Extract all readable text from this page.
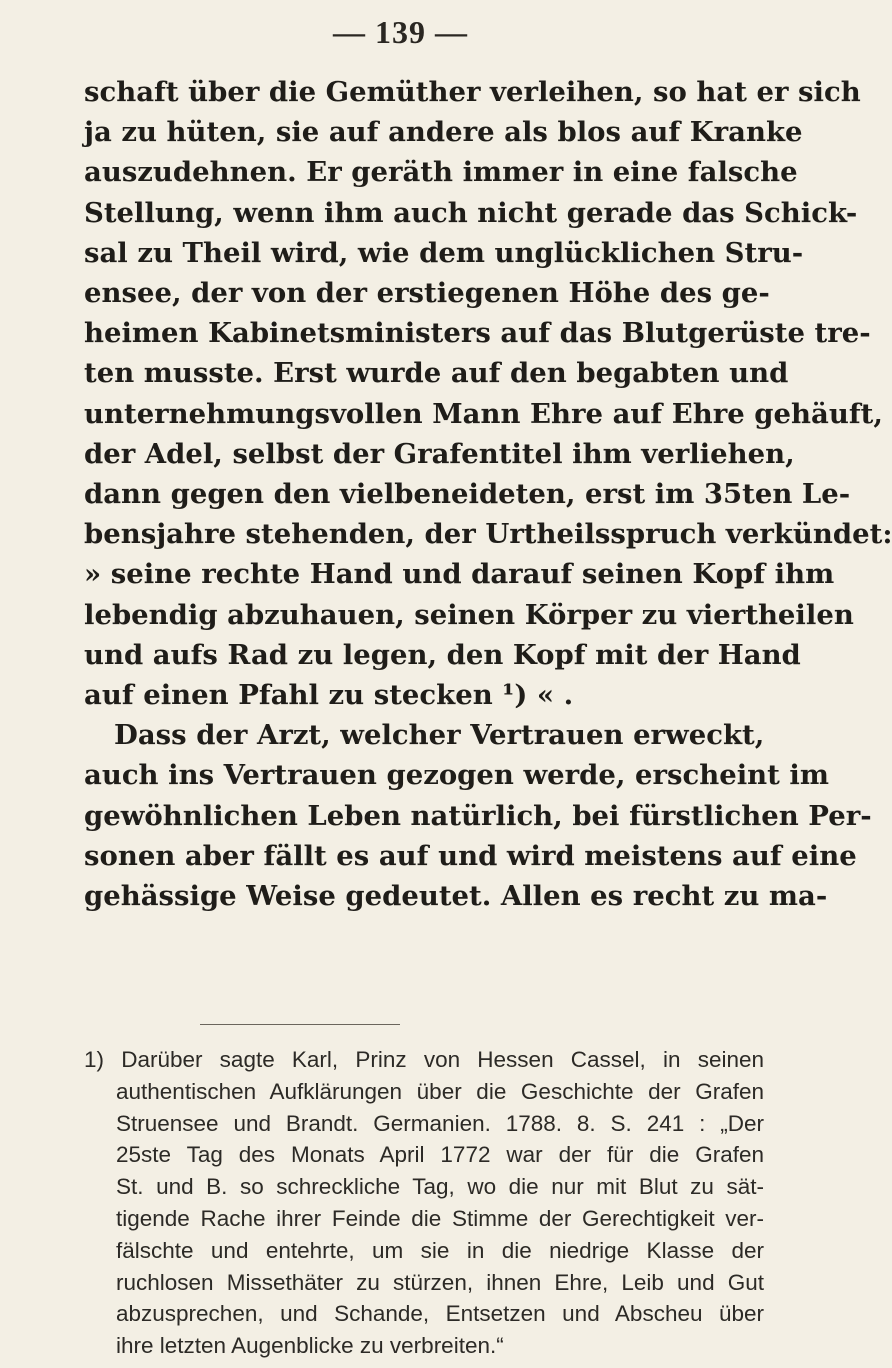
— 139 —
schaft über die Gemüther verleihen, so hat er sich
ja zu hüten, sie auf andere als blos auf Kranke
auszudehnen. Er geräth immer in eine falsche
Stellung, wenn ihm auch nicht gerade das Schick-
sal zu Theil wird, wie dem unglücklichen Stru-
ensee, der von der erstiegenen Höhe des ge-
heimen Kabinetsministers auf das Blutgerüste tre-
ten musste. Erst wurde auf den begabten und
unternehmungsvollen Mann Ehre auf Ehre gehäuft,
der Adel, selbst der Grafentitel ihm verliehen,
dann gegen den vielbeneideten, erst im 35ten Le-
bensjahre stehenden, der Urtheilsspruch verkündet:
» seine rechte Hand und darauf seinen Kopf ihm
lebendig abzuhauen, seinen Körper zu viertheilen
und aufs Rad zu legen, den Kopf mit der Hand
auf einen Pfahl zu stecken ¹) « .
Dass der Arzt, welcher Vertrauen erweckt,
auch ins Vertrauen gezogen werde, erscheint im
gewöhnlichen Leben natürlich, bei fürstlichen Per-
sonen aber fällt es auf und wird meistens auf eine
gehässige Weise gedeutet. Allen es recht zu ma-
1) Darüber sagte Karl, Prinz von Hessen Cassel, in seinen
authentischen Aufklärungen über die Geschichte der Grafen
Struensee und Brandt. Germanien. 1788. 8. S. 241 : „Der
25ste Tag des Monats April 1772 war der für die Grafen
St. und B. so schreckliche Tag, wo die nur mit Blut zu sät-
tigende Rache ihrer Feinde die Stimme der Gerechtigkeit ver-
fälschte und entehrte, um sie in die niedrige Klasse der
ruchlosen Missethäter zu stürzen, ihnen Ehre, Leib und Gut
abzusprechen, und Schande, Entsetzen und Abscheu über
ihre letzten Augenblicke zu verbreiten.“
